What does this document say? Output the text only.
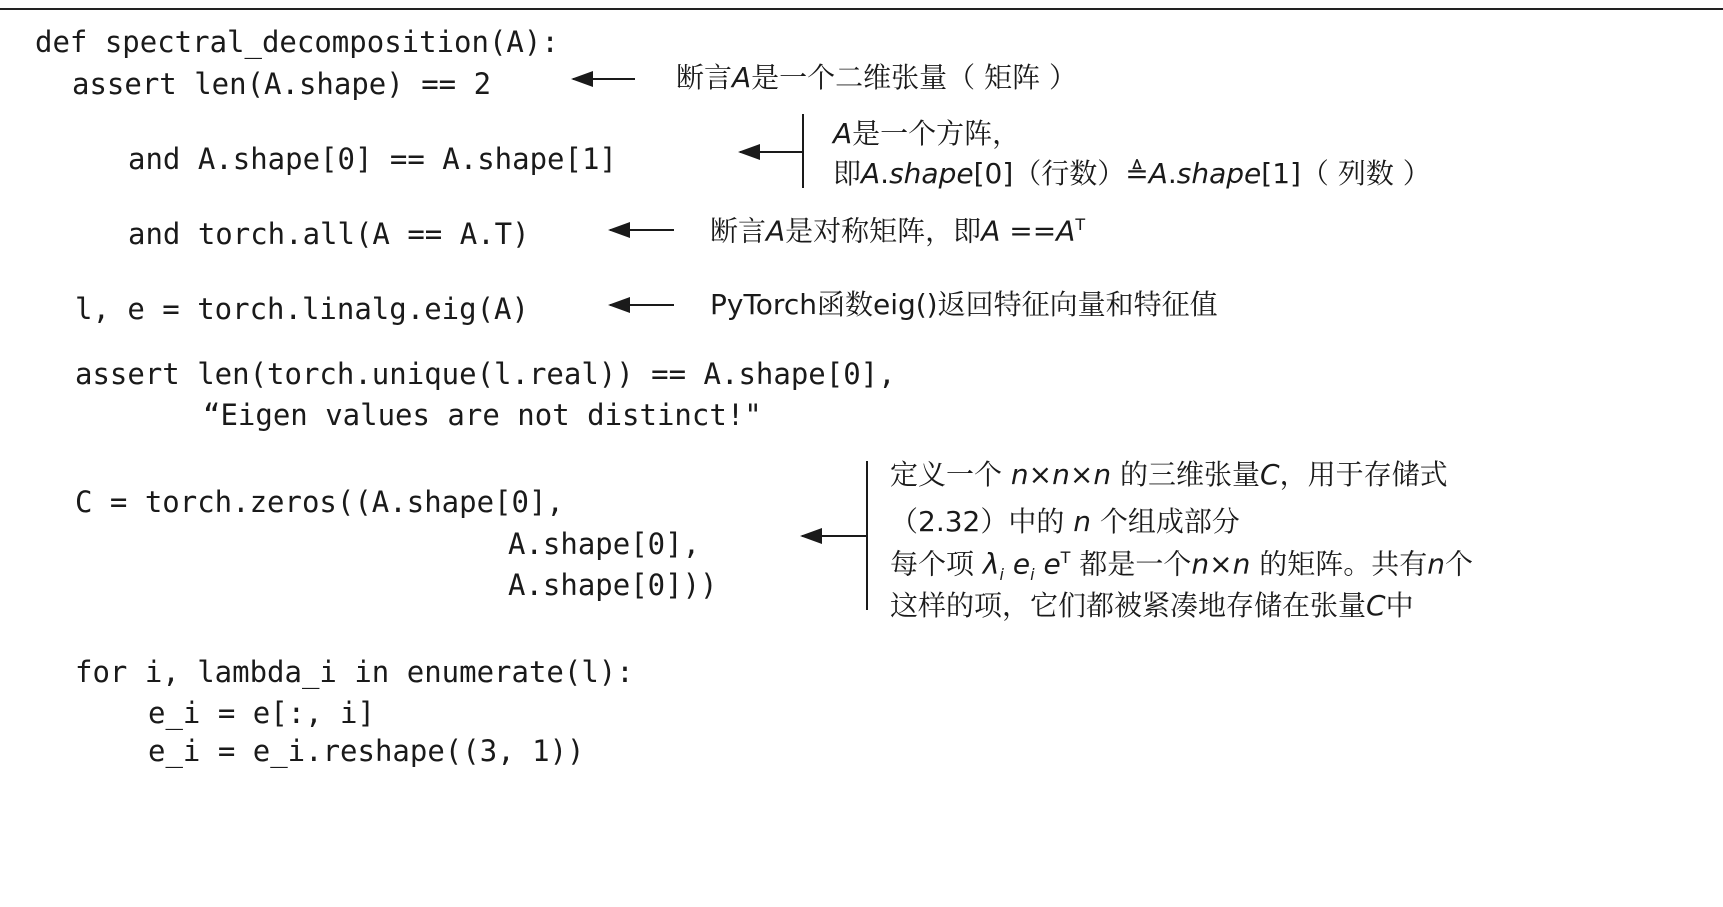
def spectral_decomposition(A):
assert len(A.shape) == 2
and A.shape[0] == A.shape[1]
and torch.all(A == A.T)
l, e = torch.linalg.eig(A)
assert len(torch.unique(l.real)) == A.shape[0],
“Eigen values are not distinct!"
C = torch.zeros((A.shape[0],
A.shape[0],
A.shape[0]))
for i, lambda_i in enumerate(l):
e_i = e[:, i]
e_i = e_i.reshape((3, 1))
断言A是一个二维张量（ 矩阵 ）
A是一个方阵，
即A.shape[0]（行数）≜A.shape[1]（ 列数 ）
断言A是对称矩阵，即$A ==A^T$
PyTorch函数eig()返回特征向量和特征值
定义一个 n×n×n 的三维张量C，用于存储式
（2.32）中的 n 个组成部分
每个项 $\lambda_i$ $e_i$ $e^T$ 都是一个n×n 的矩阵。共有n个
这样的项，它们都被紧凑地存储在张量C中
